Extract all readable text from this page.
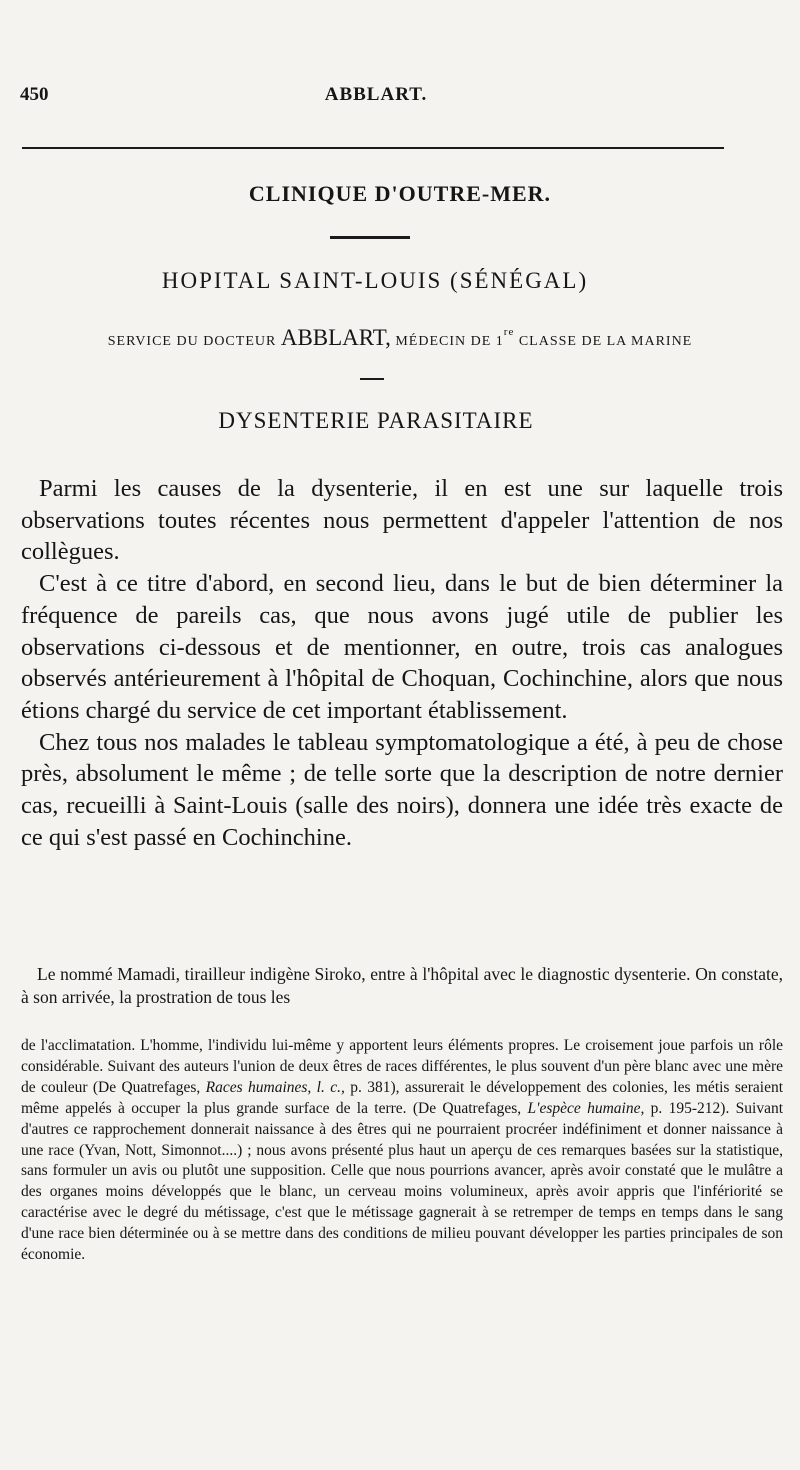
450	ABBLART.
CLINIQUE D'OUTRE-MER.
HOPITAL SAINT-LOUIS (SÉNÉGAL)
SERVICE DU DOCTEUR ABBLART, MÉDECIN DE 1re CLASSE DE LA MARINE
DYSENTERIE PARASITAIRE

Parmi les causes de la dysenterie, il en est une sur laquelle trois observations toutes récentes nous permettent d'appeler l'attention de nos collègues.

C'est à ce titre d'abord, en second lieu, dans le but de bien déterminer la fréquence de pareils cas, que nous avons jugé utile de publier les observations ci-dessous et de mentionner, en outre, trois cas analogues observés antérieurement à l'hôpital de Choquan, Cochinchine, alors que nous étions chargé du service de cet important établissement.

Chez tous nos malades le tableau symptomatologique a été, à peu de chose près, absolument le même ; de telle sorte que la description de notre dernier cas, recueilli à Saint-Louis (salle des noirs), donnera une idée très exacte de ce qui s'est passé en Cochinchine.

Le nommé Mamadi, tirailleur indigène Siroko, entre à l'hôpital avec le diagnostic dysenterie. On constate, à son arrivée, la prostration de tous les

de l'acclimatation. L'homme, l'individu lui-même y apportent leurs éléments propres. Le croisement joue parfois un rôle considérable. Suivant des auteurs l'union de deux êtres de races différentes, le plus souvent d'un père blanc avec une mère de couleur (De Quatrefages, Races humaines, l. c., p. 381), assurerait le développement des colonies, les métis seraient même appelés à occuper la plus grande surface de la terre. (De Quatrefages, L'espèce humaine, p. 195-212). Suivant d'autres ce rapprochement donnerait naissance à des êtres qui ne pourraient procréer indéfiniment et donner naissance à une race (Yvan, Nott, Simonnot....) ; nous avons présenté plus haut un aperçu de ces remarques basées sur la statistique, sans formuler un avis ou plutôt une supposition. Celle que nous pourrions avancer, après avoir constaté que le mulâtre a des organes moins développés que le blanc, un cerveau moins volumineux, après avoir appris que l'infériorité se caractérise avec le degré du métissage, c'est que le métissage gagnerait à se retremper de temps en temps dans le sang d'une race bien déterminée ou à se mettre dans des conditions de milieu pouvant développer les parties principales de son économie.
